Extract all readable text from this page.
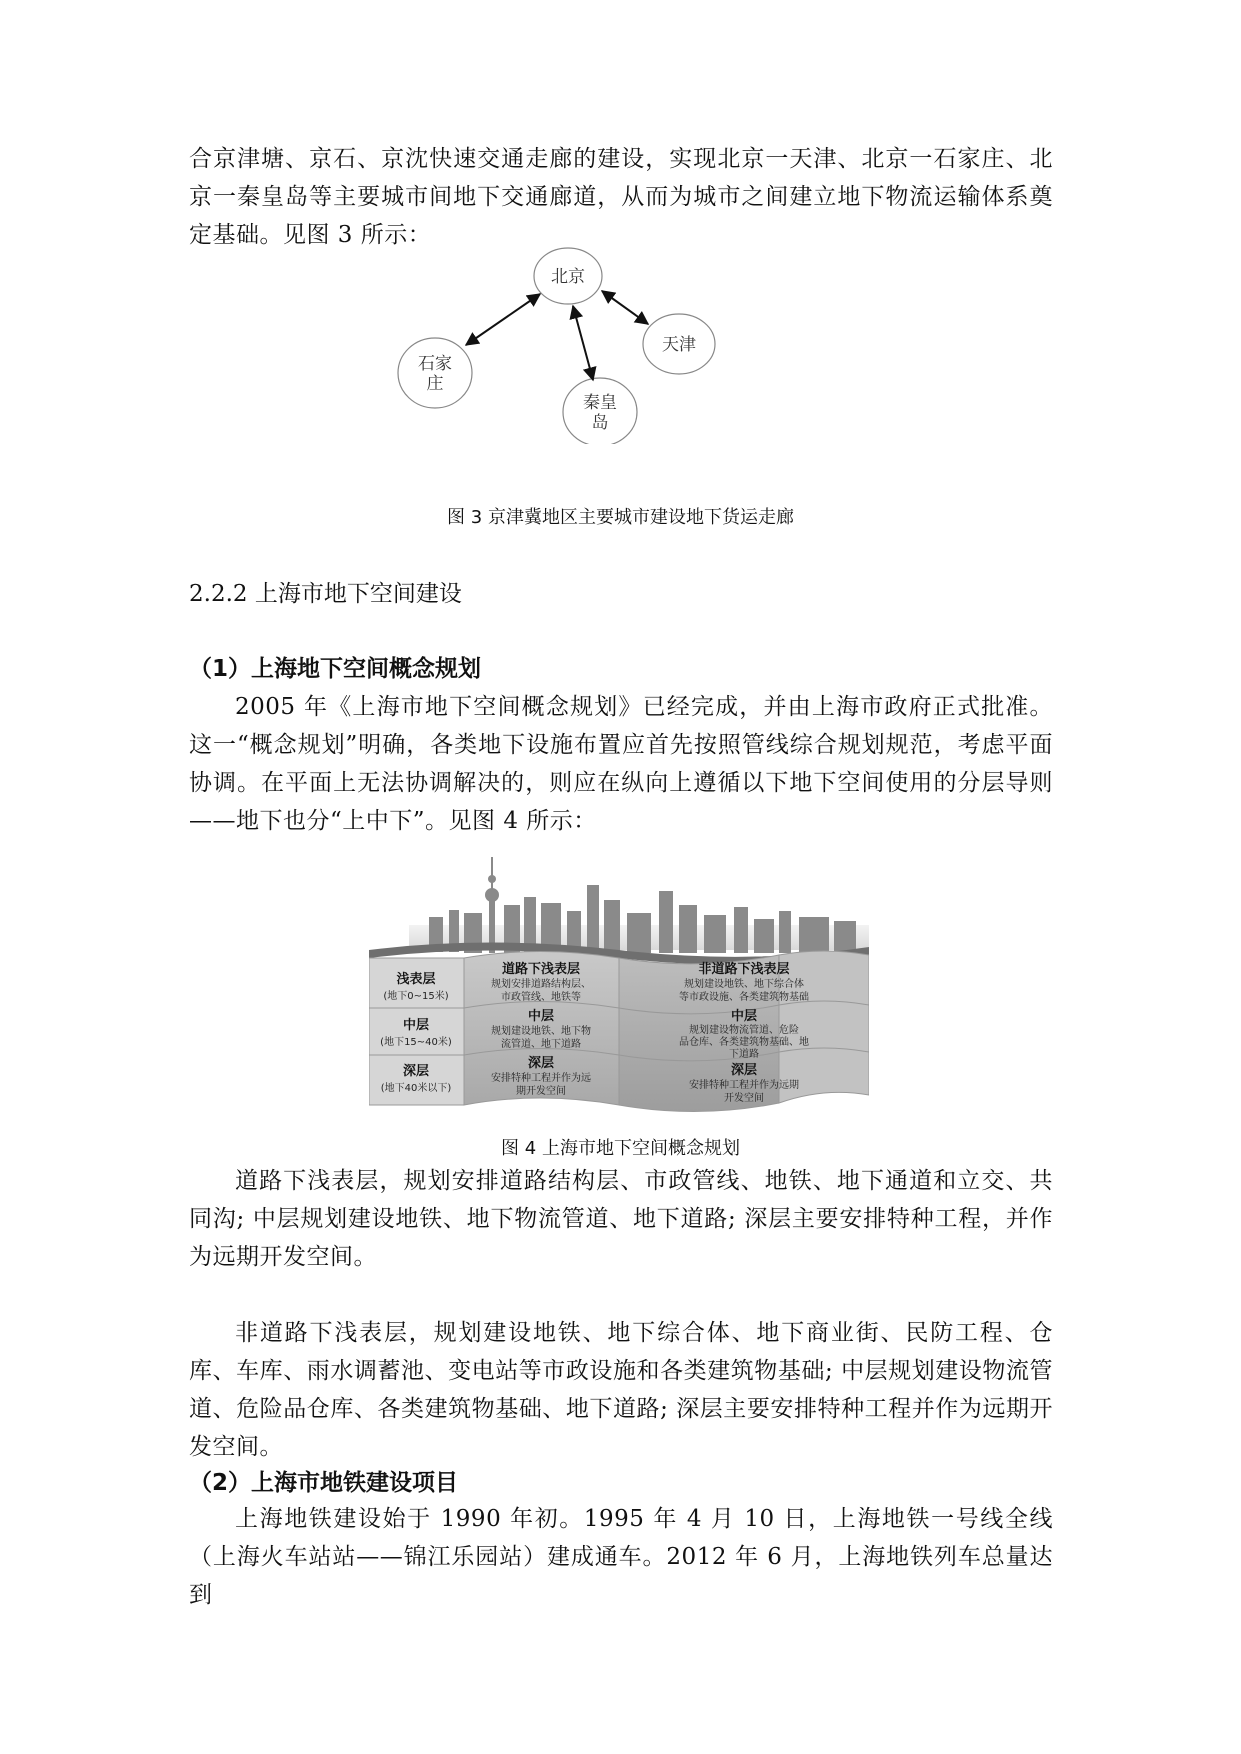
合京津塘、京石、京沈快速交通走廊的建设，实现北京一天津、北京一石家庄、北京一秦皇岛等主要城市间地下交通廊道，从而为城市之间建立地下物流运输体系奠定基础。见图 3 所示：

北京
天津
石家
庄
秦皇
岛
图 3 京津冀地区主要城市建设地下货运走廊

2.2.2 上海市地下空间建设

（1）上海地下空间概念规划

2005 年《上海市地下空间概念规划》已经完成，并由上海市政府正式批准。这一“概念规划”明确，各类地下设施布置应首先按照管线综合规划规范，考虑平面协调。在平面上无法协调解决的，则应在纵向上遵循以下地下空间使用的分层导则——地下也分“上中下”。见图 4 所示：

浅表层
(地下0~15米)
中层
(地下15~40米)
深层
(地下40米以下)
道路下浅表层
规划安排道路结构层、
市政管线、地铁等
中层
规划建设地铁、地下物
流管道、地下道路
深层
安排特种工程并作为远
期开发空间
非道路下浅表层
规划建设地铁、地下综合体
等市政设施、各类建筑物基础
中层
规划建设物流管道、危险
品仓库、各类建筑物基础、地
下道路
深层
安排特种工程并作为远期
开发空间
图 4 上海市地下空间概念规划

道路下浅表层，规划安排道路结构层、市政管线、地铁、地下通道和立交、共同沟; 中层规划建设地铁、地下物流管道、地下道路; 深层主要安排特种工程，并作为远期开发空间。

非道路下浅表层，规划建设地铁、地下综合体、地下商业街、民防工程、仓库、车库、雨水调蓄池、变电站等市政设施和各类建筑物基础; 中层规划建设物流管道、危险品仓库、各类建筑物基础、地下道路; 深层主要安排特种工程并作为远期开发空间。

（2）上海市地铁建设项目

上海地铁建设始于 1990 年初。1995 年 4 月 10 日，上海地铁一号线全线（上海火车站站——锦江乐园站）建成通车。2012 年 6 月，上海地铁列车总量达到
